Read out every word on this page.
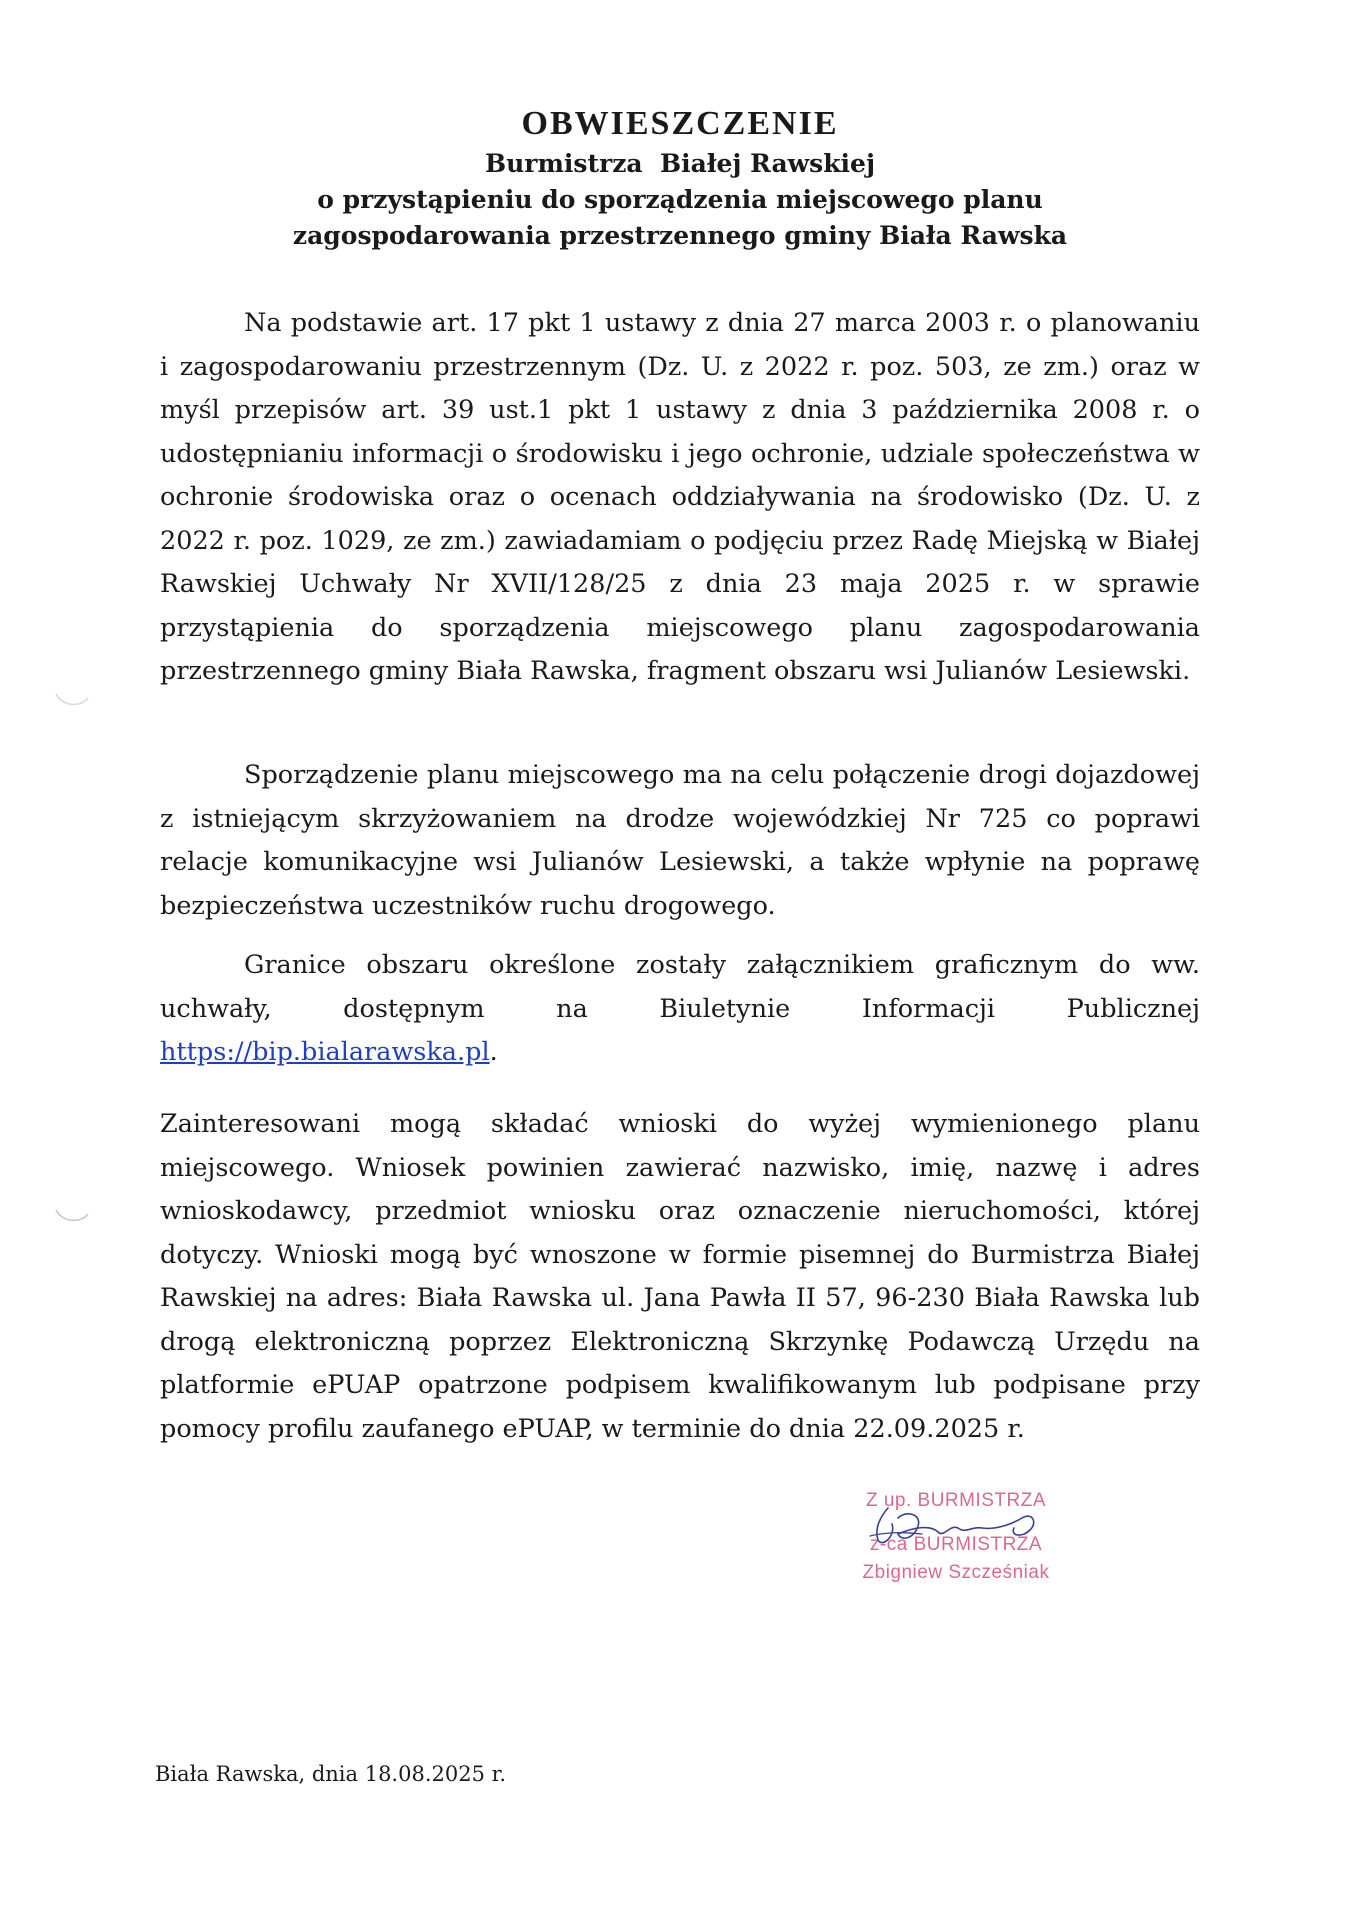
OBWIESZCZENIE
Burmistrza  Białej Rawskiej
o przystąpieniu do sporządzenia miejscowego planu
zagospodarowania przestrzennego gminy Biała Rawska
Na podstawie art. 17 pkt 1 ustawy z dnia 27 marca 2003 r. o planowaniu i zagospodarowaniu przestrzennym (Dz. U. z 2022 r. poz. 503, ze zm.) oraz w myśl przepisów art. 39 ust.1 pkt 1 ustawy z dnia 3 października 2008 r. o udostępnianiu informacji o środowisku i jego ochronie, udziale społeczeństwa w ochronie środowiska oraz o ocenach oddziaływania na środowisko (Dz. U. z 2022 r. poz. 1029, ze zm.) zawiadamiam o podjęciu przez Radę Miejską w Białej Rawskiej Uchwały Nr XVII/128/25 z dnia 23 maja 2025 r. w sprawie przystąpienia do sporządzenia miejscowego planu zagospodarowania przestrzennego gminy Biała Rawska, fragment obszaru wsi Julianów Lesiewski.
Sporządzenie planu miejscowego ma na celu połączenie drogi dojazdowej z istniejącym skrzyżowaniem na drodze wojewódzkiej Nr 725 co poprawi relacje komunikacyjne wsi Julianów Lesiewski, a także wpłynie na poprawę bezpieczeństwa uczestników ruchu drogowego.
Granice obszaru określone zostały załącznikiem graficznym do ww. uchwały, dostępnym na Biuletynie Informacji Publicznej https://bip.bialarawska.pl.
Zainteresowani mogą składać wnioski do wyżej wymienionego planu miejscowego. Wniosek powinien zawierać nazwisko, imię, nazwę i adres wnioskodawcy, przedmiot wniosku oraz oznaczenie nieruchomości, której dotyczy. Wnioski mogą być wnoszone w formie pisemnej do Burmistrza Białej Rawskiej na adres: Biała Rawska ul. Jana Pawła II 57, 96-230 Biała Rawska lub drogą elektroniczną poprzez Elektroniczną Skrzynkę Podawczą Urzędu na platformie ePUAP opatrzone podpisem kwalifikowanym lub podpisane przy pomocy profilu zaufanego ePUAP, w terminie do dnia 22.09.2025 r.
Z up. BURMISTRZA
z-ca BURMISTRZA
Zbigniew Szcześniak
Biała Rawska, dnia 18.08.2025 r.
